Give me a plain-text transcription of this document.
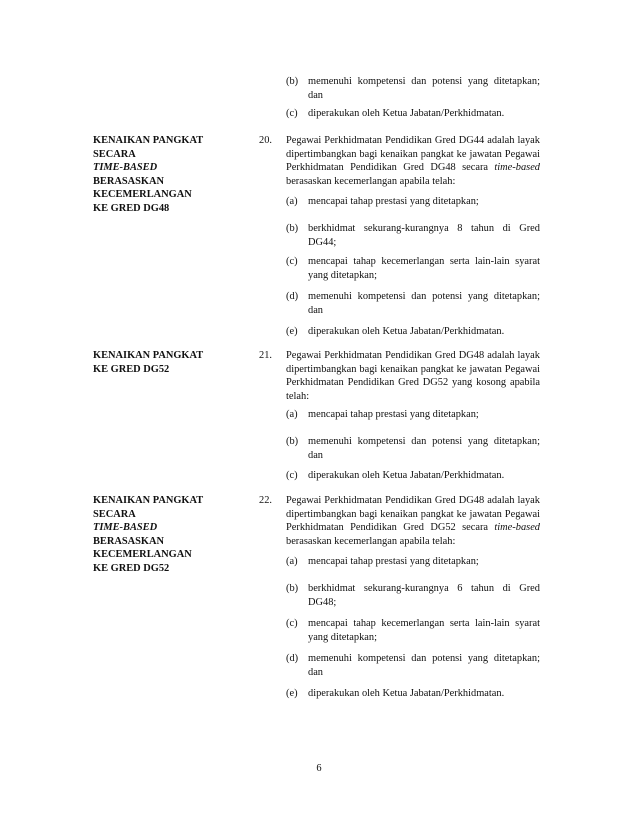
(b) memenuhi kompetensi dan potensi yang ditetapkan; dan
(c) diperakukan oleh Ketua Jabatan/Perkhidmatan.
KENAIKAN PANGKAT
SECARA
TIME-BASED
BERASASKAN
KECEMERLANGAN
KE GRED DG48
20. Pegawai Perkhidmatan Pendidikan Gred DG44 adalah layak dipertimbangkan bagi kenaikan pangkat ke jawatan Pegawai Perkhidmatan Pendidikan Gred DG48 secara time-based berasaskan kecemerlangan apabila telah:
(a) mencapai tahap prestasi yang ditetapkan;
(b) berkhidmat sekurang-kurangnya 8 tahun di Gred DG44;
(c) mencapai tahap kecemerlangan serta lain-lain syarat yang ditetapkan;
(d) memenuhi kompetensi dan potensi yang ditetapkan; dan
(e) diperakukan oleh Ketua Jabatan/Perkhidmatan.
KENAIKAN PANGKAT
KE GRED DG52
21. Pegawai Perkhidmatan Pendidikan Gred DG48 adalah layak dipertimbangkan bagi kenaikan pangkat ke jawatan Pegawai Perkhidmatan Pendidikan Gred DG52 yang kosong apabila telah:
(a) mencapai tahap prestasi yang ditetapkan;
(b) memenuhi kompetensi dan potensi yang ditetapkan; dan
(c) diperakukan oleh Ketua Jabatan/Perkhidmatan.
KENAIKAN PANGKAT
SECARA
TIME-BASED
BERASASKAN
KECEMERLANGAN
KE GRED DG52
22. Pegawai Perkhidmatan Pendidikan Gred DG48 adalah layak dipertimbangkan bagi kenaikan pangkat ke jawatan Pegawai Perkhidmatan Pendidikan Gred DG52 secara time-based berasaskan kecemerlangan apabila telah:
(a) mencapai tahap prestasi yang ditetapkan;
(b) berkhidmat sekurang-kurangnya 6 tahun di Gred DG48;
(c) mencapai tahap kecemerlangan serta lain-lain syarat yang ditetapkan;
(d) memenuhi kompetensi dan potensi yang ditetapkan; dan
(e) diperakukan oleh Ketua Jabatan/Perkhidmatan.
6
